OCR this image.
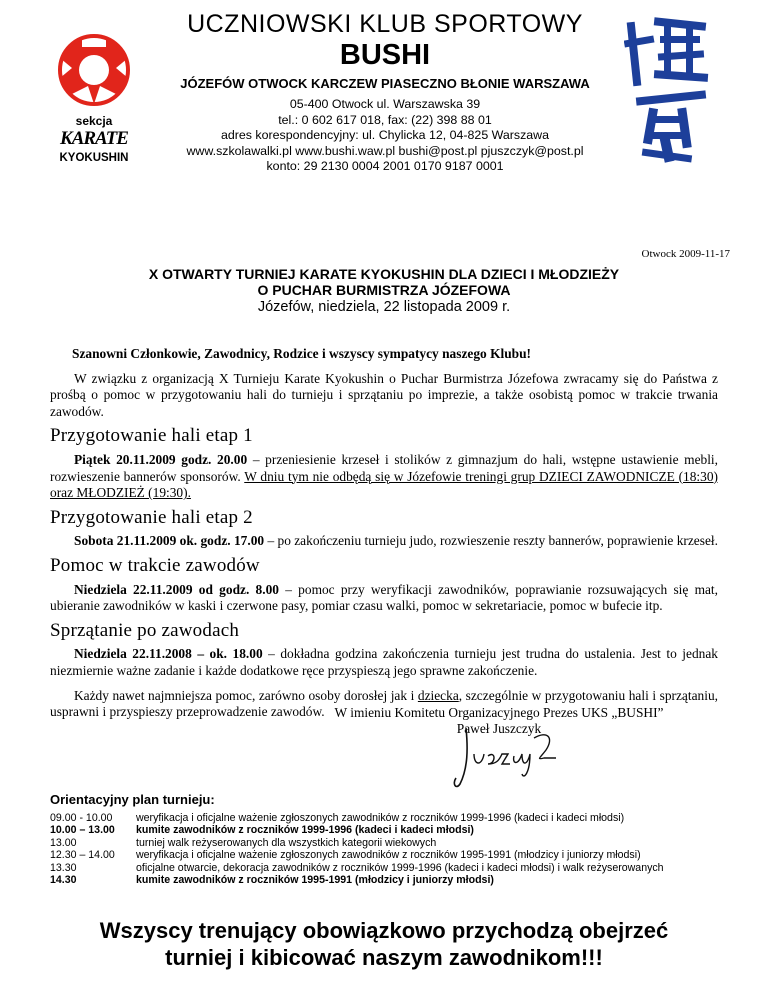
sekcja
KARATE
KYOKUSHIN
UCZNIOWSKI KLUB SPORTOWY
BUSHI
JÓZEFÓW OTWOCK KARCZEW PIASECZNO BŁONIE WARSZAWA
05-400 Otwock ul. Warszawska 39
tel.: 0 602 617 018, fax: (22) 398 88 01
adres korespondencyjny: ul. Chylicka 12, 04-825 Warszawa
www.szkolawalki.pl www.bushi.waw.pl bushi@post.pl pjuszczyk@post.pl
konto: 29 2130 0004 2001 0170 9187 0001
Otwock 2009-11-17
X OTWARTY TURNIEJ KARATE KYOKUSHIN DLA DZIECI I MŁODZIEŻY
O PUCHAR BURMISTRZA JÓZEFOWA
Józefów, niedziela, 22 listopada 2009 r.

Szanowni Członkowie, Zawodnicy, Rodzice i wszyscy sympatycy naszego Klubu!

W związku z organizacją X Turnieju Karate Kyokushin o Puchar Burmistrza Józefowa zwracamy się do Państwa z prośbą o pomoc w przygotowaniu hali do turnieju i sprzątaniu po imprezie, a także osobistą pomoc w trakcie trwania zawodów.

Przygotowanie hali etap 1

Piątek 20.11.2009 godz. 20.00 – przeniesienie krzeseł i stolików z gimnazjum do hali, wstępne ustawienie mebli, rozwieszenie bannerów sponsorów. W dniu tym nie odbędą się w Józefowie treningi grup DZIECI ZAWODNICZE (18:30) oraz MŁODZIEŻ (19:30).

Przygotowanie hali etap 2

Sobota 21.11.2009 ok. godz. 17.00 – po zakończeniu turnieju judo, rozwieszenie reszty bannerów, poprawienie krzeseł.

Pomoc w trakcie zawodów

Niedziela 22.11.2009 od godz. 8.00 – pomoc przy weryfikacji zawodników, poprawianie rozsuwających się mat, ubieranie zawodników w kaski i czerwone pasy, pomiar czasu walki, pomoc w sekretariacie, pomoc w bufecie itp.

Sprzątanie po zawodach

Niedziela 22.11.2008 – ok. 18.00 – dokładna godzina zakończenia turnieju jest trudna do ustalenia. Jest to jednak niezmiernie ważne zadanie i każde dodatkowe ręce przyspieszą jego sprawne zakończenie.

Każdy nawet najmniejsza pomoc, zarówno osoby dorosłej jak i dziecka, szczególnie w przygotowaniu hali i sprzątaniu, usprawni i przyspieszy przeprowadzenie zawodów. W imieniu Komitetu Organizacyjnego Prezes UKS „BUSHI”
Paweł Juszczyk
Orientacyjny plan turnieju:
09.00 - 10.00	weryfikacja i oficjalne ważenie zgłoszonych zawodników z roczników 1999-1996 (kadeci i kadeci młodsi)
10.00 – 13.00	kumite zawodników z roczników 1999-1996 (kadeci i kadeci młodsi)
13.00	turniej walk reżyserowanych dla wszystkich kategorii wiekowych
12.30 – 14.00	weryfikacja i oficjalne ważenie zgłoszonych zawodników z roczników 1995-1991 (młodzicy i juniorzy młodsi)
13.30	oficjalne otwarcie, dekoracja zawodników z roczników 1999-1996 (kadeci i kadeci młodsi) i walk reżyserowanych
14.30	kumite zawodników z roczników 1995-1991 (młodzicy i juniorzy młodsi)
Wszyscy trenujący obowiązkowo przychodzą obejrzeć
turniej i kibicować naszym zawodnikom!!!
